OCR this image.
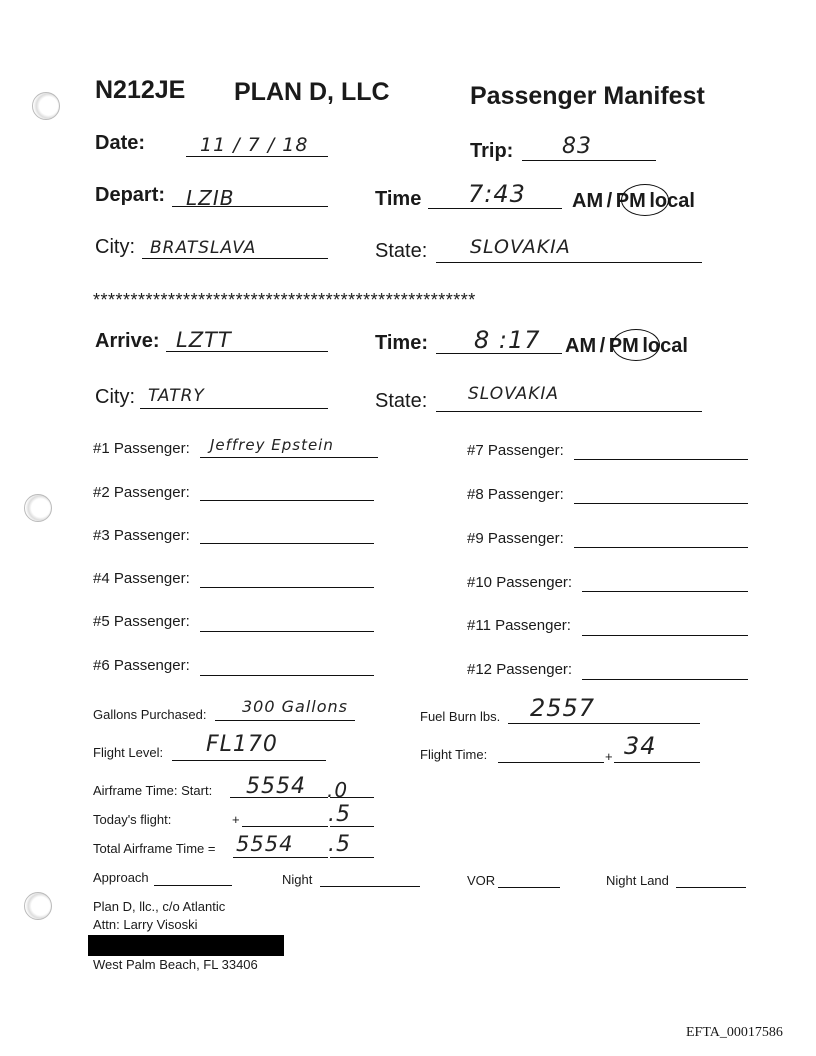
N212JE PLAN D, LLC	Passenger Manifest
Date:	11 / 7 / 18	Trip: 83
Depart: LZIB	Time 7:43 AM / PM local
City: BRATSLAVA	State: SLOVAKIA
***************************************************
Arrive: LZTT	Time: 8 :17 AM / PM local
City: TATRY	State: SLOVAKIA
#1 Passenger: Jeffrey Epstein
#2 Passenger:
#3 Passenger:
#4 Passenger:
#5 Passenger:
#6 Passenger:
#7 Passenger:
#8 Passenger:
#9 Passenger:
#10 Passenger:
#11 Passenger:
#12 Passenger:
Gallons Purchased: 300 Gallons
Fuel Burn lbs. 2557
Flight Level: FL170	Flight Time:	+ 34
Airframe Time: Start: 5554 .0
Today's flight:	+	.5
Total Airframe Time = 5554 .5
Approach	Night	VOR	Night Land
Plan D, llc., c/o Atlantic
Attn: Larry Visoski
West Palm Beach, FL 33406
EFTA_00017586
